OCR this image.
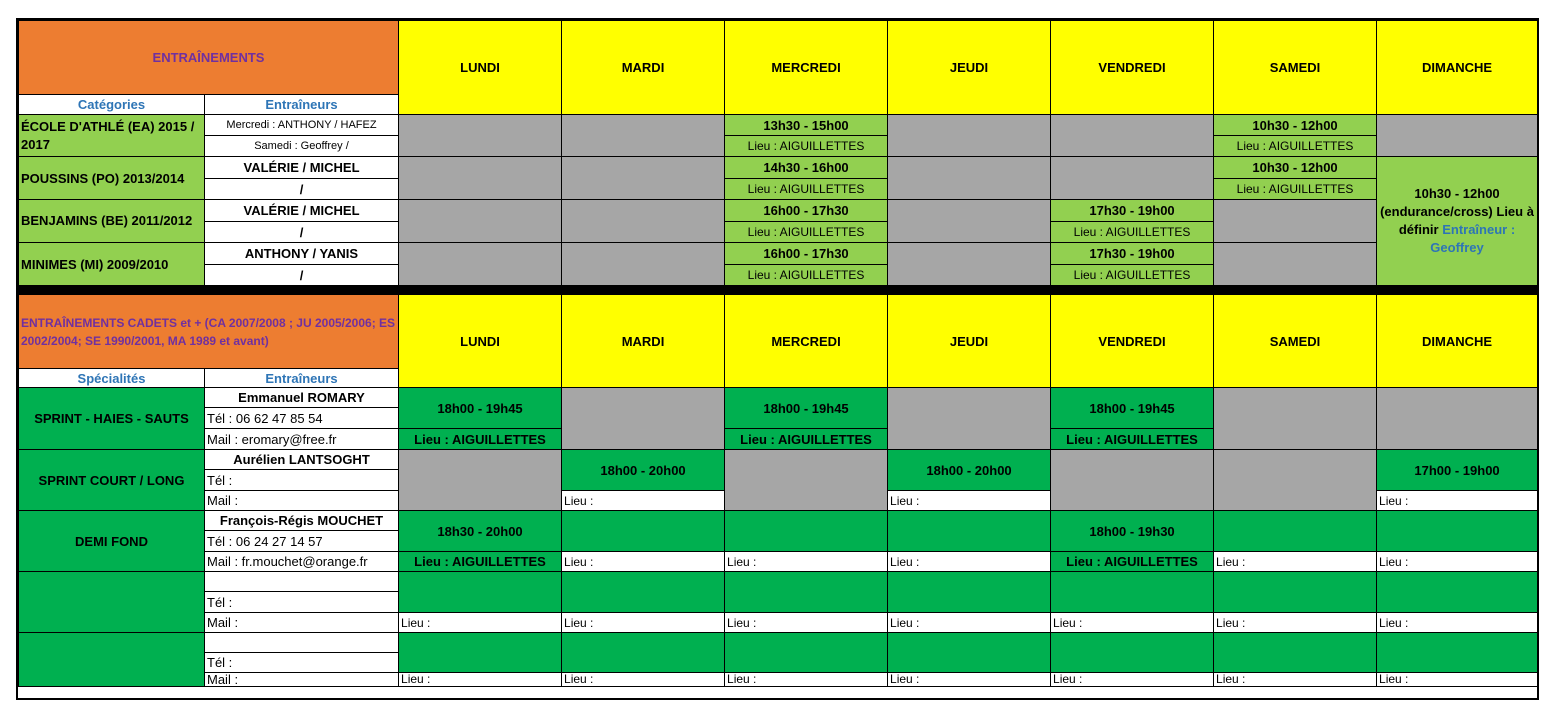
ENTRAÎNEMENTS		LUNDI	MARDI	MERCREDI	JEUDI	VENDREDI	SAMEDI	DIMANCHE
Catégories	Entraîneurs							
ÉCOLE D'ATHLÉ (EA) 2015 / 2017	Mercredi : ANTHONY / HAFEZ			13h30 - 15h00			10h30 - 12h00	
	Samedi : Geoffrey /			Lieu : AIGUILLETTES			Lieu : AIGUILLETTES	
POUSSINS (PO) 2013/2014	VALÉRIE / MICHEL			14h30 - 16h00			10h30 - 12h00	10h30 - 12h00 (endurance/cross) Lieu à définir Entraîneur : Geoffrey
	/			Lieu : AIGUILLETTES			Lieu : AIGUILLETTES	
BENJAMINS (BE) 2011/2012	VALÉRIE / MICHEL			16h00 - 17h30		17h30 - 19h00		
	/			Lieu : AIGUILLETTES		Lieu : AIGUILLETTES		
MINIMES (MI) 2009/2010	ANTHONY / YANIS			16h00 - 17h30		17h30 - 19h00		
	/			Lieu : AIGUILLETTES		Lieu : AIGUILLETTES		

ENTRAÎNEMENTS CADETS et + (CA 2007/2008 ; JU 2005/2006; ES 2002/2004; SE 1990/2001, MA 1989 et avant)		LUNDI	MARDI	MERCREDI	JEUDI	VENDREDI	SAMEDI	DIMANCHE
Spécialités	Entraîneurs							
SPRINT - HAIES - SAUTS	Emmanuel ROMARY	18h00 - 19h45		18h00 - 19h45		18h00 - 19h45		
	Tél : 06 62 47 85 54							
	Mail : eromary@free.fr	Lieu : AIGUILLETTES		Lieu : AIGUILLETTES		Lieu : AIGUILLETTES		
SPRINT COURT / LONG	Aurélien LANTSOGHT		18h00 - 20h00		18h00 - 20h00			17h00 - 19h00
	Tél :							
	Mail :		Lieu :		Lieu :			Lieu :
DEMI FOND	François-Régis MOUCHET	18h30 - 20h00				18h00 - 19h30		
	Tél : 06 24 27 14 57							
	Mail : fr.mouchet@orange.fr	Lieu : AIGUILLETTES	Lieu :	Lieu :	Lieu :	Lieu : AIGUILLETTES	Lieu :	Lieu :

	Tél :							
	Mail :	Lieu :	Lieu :	Lieu :	Lieu :	Lieu :	Lieu :	Lieu :

	Tél :							
	Mail :	Lieu :	Lieu :	Lieu :	Lieu :	Lieu :	Lieu :	Lieu :
